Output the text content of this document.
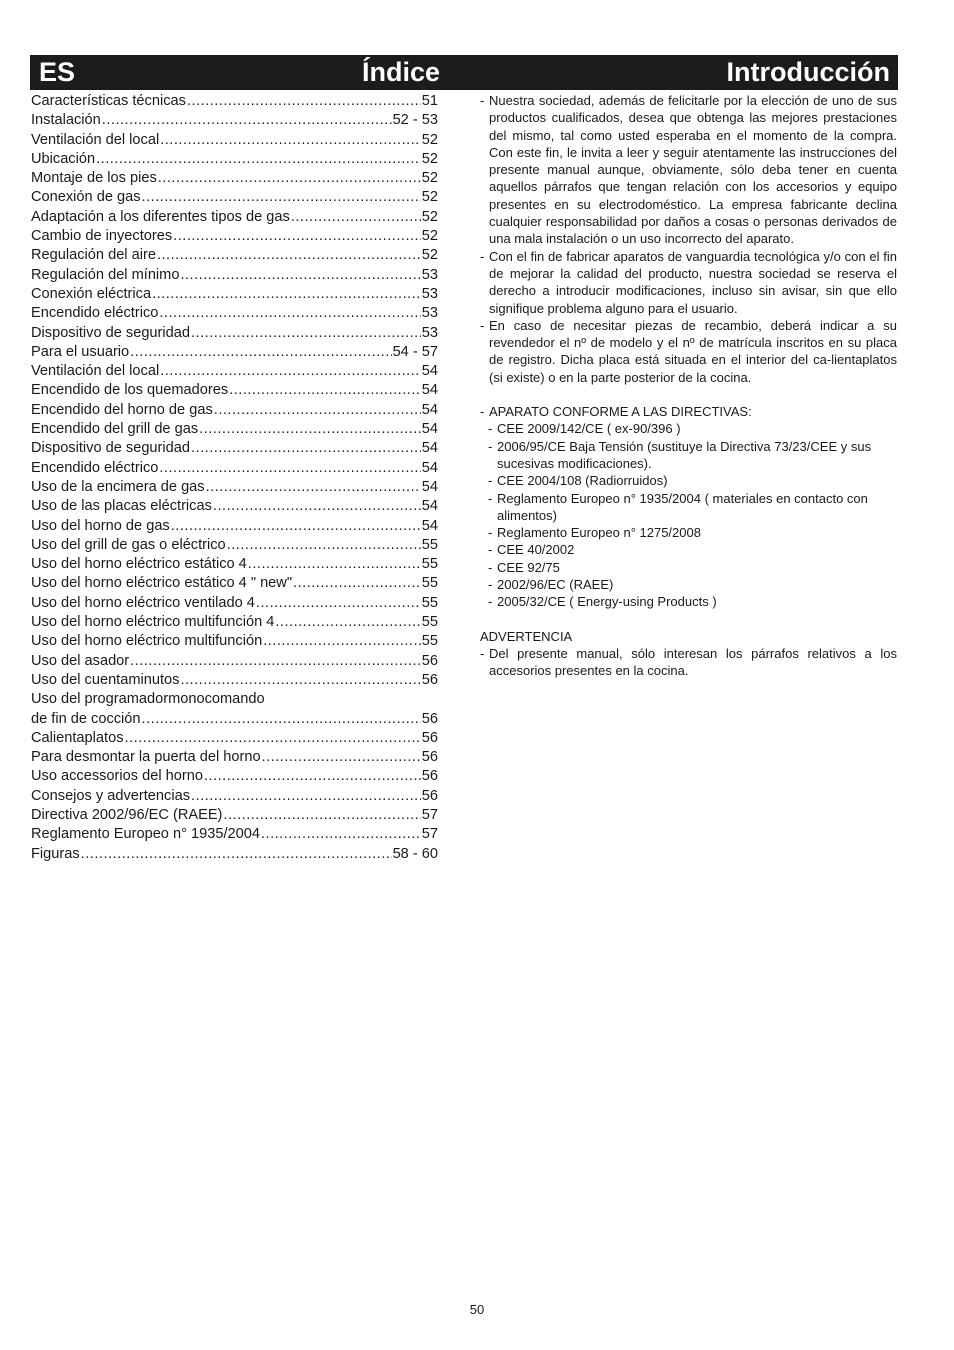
ES	Índice	Introducción
Características técnicas .....	51
Instalación .....	52 - 53
Ventilación del local .....	52
Ubicación .....	52
Montaje de los pies .....	52
Conexión de gas .....	52
Adaptación a los diferentes tipos de gas .....	52
Cambio de inyectores .....	52
Regulación del aire .....	52
Regulación del mínimo .....	53
Conexión eléctrica .....	53
Encendido eléctrico .....	53
Dispositivo de seguridad .....	53
Para el usuario .....	54 - 57
Ventilación del local .....	54
Encendido de los quemadores .....	54
Encendido del horno de gas .....	54
Encendido del grill de gas .....	54
Dispositivo de seguridad .....	54
Encendido eléctrico .....	54
Uso de la encimera de gas .....	54
Uso de las placas eléctricas .....	54
Uso del horno de gas .....	54
Uso del grill de gas o eléctrico .....	55
Uso del horno eléctrico estático 4 .....	55
Uso del horno eléctrico estático 4 " new" .....	55
Uso del horno eléctrico ventilado 4 .....	55
Uso del horno eléctrico multifunción 4 .....	55
Uso del horno eléctrico multifunción .....	55
Uso del asador .....	56
Uso del cuentaminutos .....	56
Uso del programadormonocomando
de fin de cocción .....	56
Calientaplatos .....	56
Para desmontar la puerta del horno .....	56
Uso accessorios del horno .....	56
Consejos y advertencias .....	56
Directiva 2002/96/EC (RAEE) .....	57
Reglamento Europeo n° 1935/2004 .....	57
Figuras .....	58 - 60
- Nuestra sociedad, además de felicitarle por la elección de uno de sus productos cualificados, desea que obtenga las mejores prestaciones del mismo, tal como usted esperaba en el momento de la compra. Con este fin, le invita a leer y seguir atentamente las instrucciones del presente manual aunque, obviamente, sólo deba tener en cuenta aquellos párrafos que tengan relación con los accesorios y equipo presentes en su electrodoméstico. La empresa fabricante declina cualquier responsabilidad por daños a cosas o personas derivados de una mala instalación o un uso incorrecto del aparato.
- Con el fin de fabricar aparatos de vanguardia tecnológica y/o con el fin de mejorar la calidad del producto, nuestra sociedad se reserva el derecho a introducir modificaciones, incluso sin avisar, sin que ello signifique problema alguno para el usuario.
- En caso de necesitar piezas de recambio, deberá indicar a su revendedor el nº de modelo y el nº de matrícula inscritos en su placa de registro. Dicha placa está situada en el interior del ca-lientaplatos (si existe) o en la parte posterior de la cocina.
- APARATO CONFORME A LAS DIRECTIVAS:
- CEE 2009/142/CE ( ex-90/396 )
- 2006/95/CE Baja Tensión (sustituye la Directiva 73/23/CEE y sus sucesivas modificaciones).
- CEE 2004/108 (Radiorruidos)
- Reglamento Europeo n° 1935/2004 ( materiales en contacto con alimentos)
- Reglamento Europeo n° 1275/2008
- CEE 40/2002
- CEE 92/75
- 2002/96/EC (RAEE)
- 2005/32/CE ( Energy-using Products )
ADVERTENCIA
- Del presente manual, sólo interesan los párrafos relativos a los accesorios presentes en la cocina.
50
